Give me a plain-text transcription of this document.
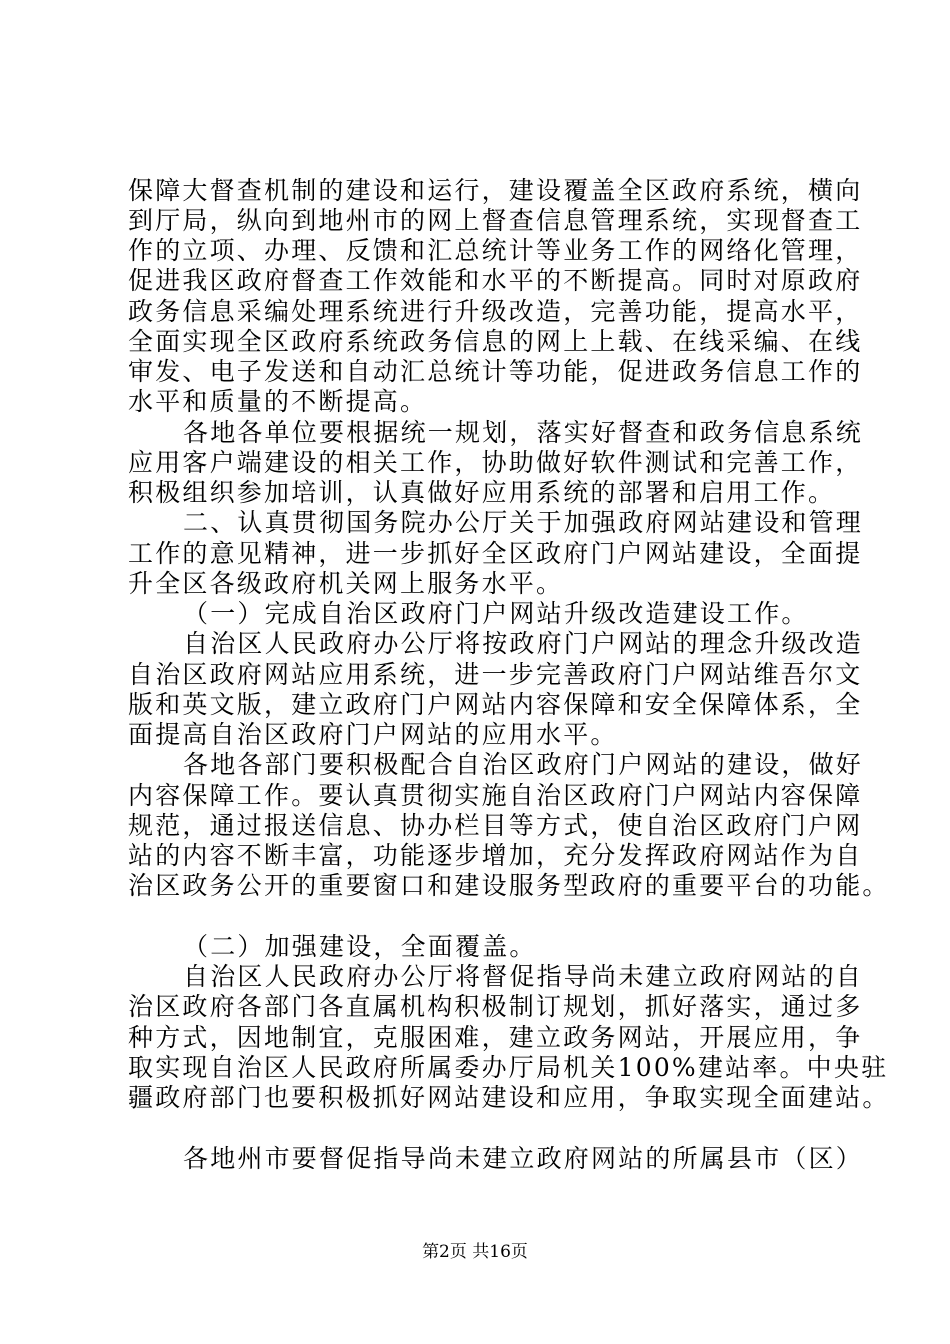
保障大督查机制的建设和运行，建设覆盖全区政府系统，横向
到厅局，纵向到地州市的网上督查信息管理系统，实现督查工
作的立项、办理、反馈和汇总统计等业务工作的网络化管理，
促进我区政府督查工作效能和水平的不断提高。同时对原政府
政务信息采编处理系统进行升级改造，完善功能，提高水平，
全面实现全区政府系统政务信息的网上上载、在线采编、在线
审发、电子发送和自动汇总统计等功能，促进政务信息工作的
水平和质量的不断提高。
各地各单位要根据统一规划，落实好督查和政务信息系统
应用客户端建设的相关工作，协助做好软件测试和完善工作，
积极组织参加培训，认真做好应用系统的部署和启用工作。
二、认真贯彻国务院办公厅关于加强政府网站建设和管理
工作的意见精神，进一步抓好全区政府门户网站建设，全面提
升全区各级政府机关网上服务水平。
（一）完成自治区政府门户网站升级改造建设工作。
自治区人民政府办公厅将按政府门户网站的理念升级改造
自治区政府网站应用系统，进一步完善政府门户网站维吾尔文
版和英文版，建立政府门户网站内容保障和安全保障体系，全
面提高自治区政府门户网站的应用水平。
各地各部门要积极配合自治区政府门户网站的建设，做好
内容保障工作。要认真贯彻实施自治区政府门户网站内容保障
规范，通过报送信息、协办栏目等方式，使自治区政府门户网
站的内容不断丰富，功能逐步增加，充分发挥政府网站作为自
治区政务公开的重要窗口和建设服务型政府的重要平台的功能。
（二）加强建设，全面覆盖。
自治区人民政府办公厅将督促指导尚未建立政府网站的自
治区政府各部门各直属机构积极制订规划，抓好落实，通过多
种方式，因地制宜，克服困难，建立政务网站，开展应用，争
取实现自治区人民政府所属委办厅局机关100%建站率。中央驻
疆政府部门也要积极抓好网站建设和应用，争取实现全面建站。
各地州市要督促指导尚未建立政府网站的所属县市（区）
第2页 共16页
